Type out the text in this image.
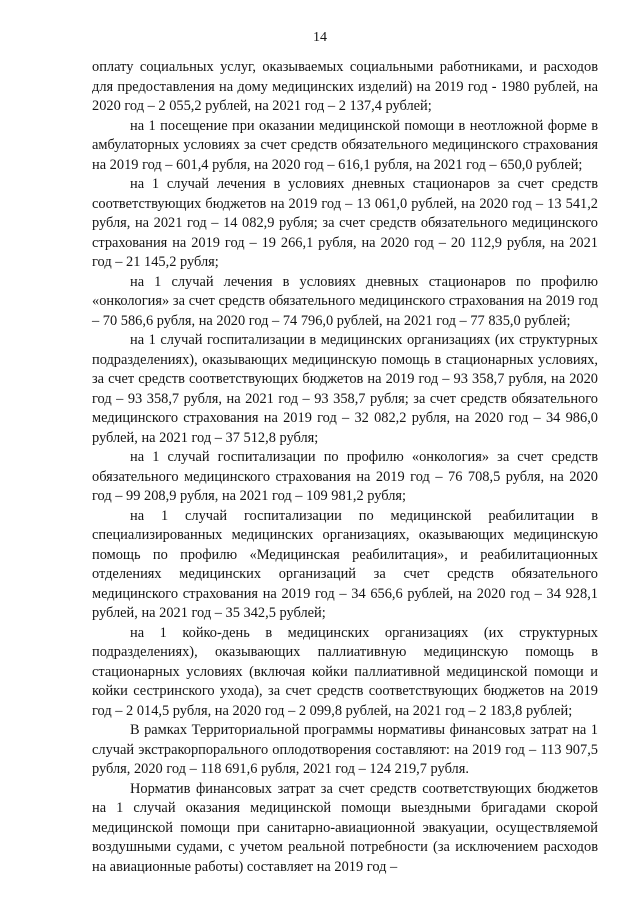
14

оплату социальных услуг, оказываемых социальными работниками, и расходов для предоставления на дому медицинских изделий) на 2019 год - 1980 рублей, на 2020 год – 2 055,2 рублей, на 2021 год – 2 137,4 рублей;

на 1 посещение при оказании медицинской помощи в неотложной форме в амбулаторных условиях за счет средств обязательного медицинского страхования на 2019 год – 601,4 рубля, на 2020 год – 616,1 рубля, на 2021 год – 650,0 рублей;

на 1 случай лечения в условиях дневных стационаров за счет средств соответствующих бюджетов на 2019 год – 13 061,0 рублей, на 2020 год – 13 541,2 рубля, на 2021 год – 14 082,9 рубля; за счет средств обязательного медицинского страхования на 2019 год – 19 266,1 рубля, на 2020 год – 20 112,9 рубля, на 2021 год – 21 145,2 рубля;

на 1 случай лечения в условиях дневных стационаров по профилю «онкология» за счет средств обязательного медицинского страхования на 2019 год – 70 586,6 рубля, на 2020 год – 74 796,0 рублей, на 2021 год – 77 835,0 рублей;

на 1 случай госпитализации в медицинских организациях (их структурных подразделениях), оказывающих медицинскую помощь в стационарных условиях, за счет средств соответствующих бюджетов на 2019 год – 93 358,7 рубля, на 2020 год – 93 358,7 рубля, на 2021 год – 93 358,7 рубля; за счет средств обязательного медицинского страхования на 2019 год – 32 082,2 рубля, на 2020 год – 34 986,0 рублей, на 2021 год – 37 512,8 рубля;

на 1 случай госпитализации по профилю «онкология» за счет средств обязательного медицинского страхования на 2019 год – 76 708,5 рубля, на 2020 год – 99 208,9 рубля, на 2021 год – 109 981,2 рубля;

на 1 случай госпитализации по медицинской реабилитации в специализированных медицинских организациях, оказывающих медицинскую помощь по профилю «Медицинская реабилитация», и реабилитационных отделениях медицинских организаций за счет средств обязательного медицинского страхования на 2019 год – 34 656,6 рублей, на 2020 год – 34 928,1 рублей, на 2021 год – 35 342,5 рублей;

на 1 койко-день в медицинских организациях (их структурных подразделениях), оказывающих паллиативную медицинскую помощь в стационарных условиях (включая койки паллиативной медицинской помощи и койки сестринского ухода), за счет средств соответствующих бюджетов на 2019 год – 2 014,5 рубля, на 2020 год – 2 099,8 рублей, на 2021 год – 2 183,8 рублей;

В рамках Территориальной программы нормативы финансовых затрат на 1 случай экстракорпорального оплодотворения составляют: на 2019 год – 113 907,5 рубля, 2020 год – 118 691,6 рубля, 2021 год – 124 219,7 рубля.

Норматив финансовых затрат за счет средств соответствующих бюджетов на 1 случай оказания медицинской помощи выездными бригадами скорой медицинской помощи при санитарно-авиационной эвакуации, осуществляемой воздушными судами, с учетом реальной потребности (за исключением расходов на авиационные работы) составляет на 2019 год –
